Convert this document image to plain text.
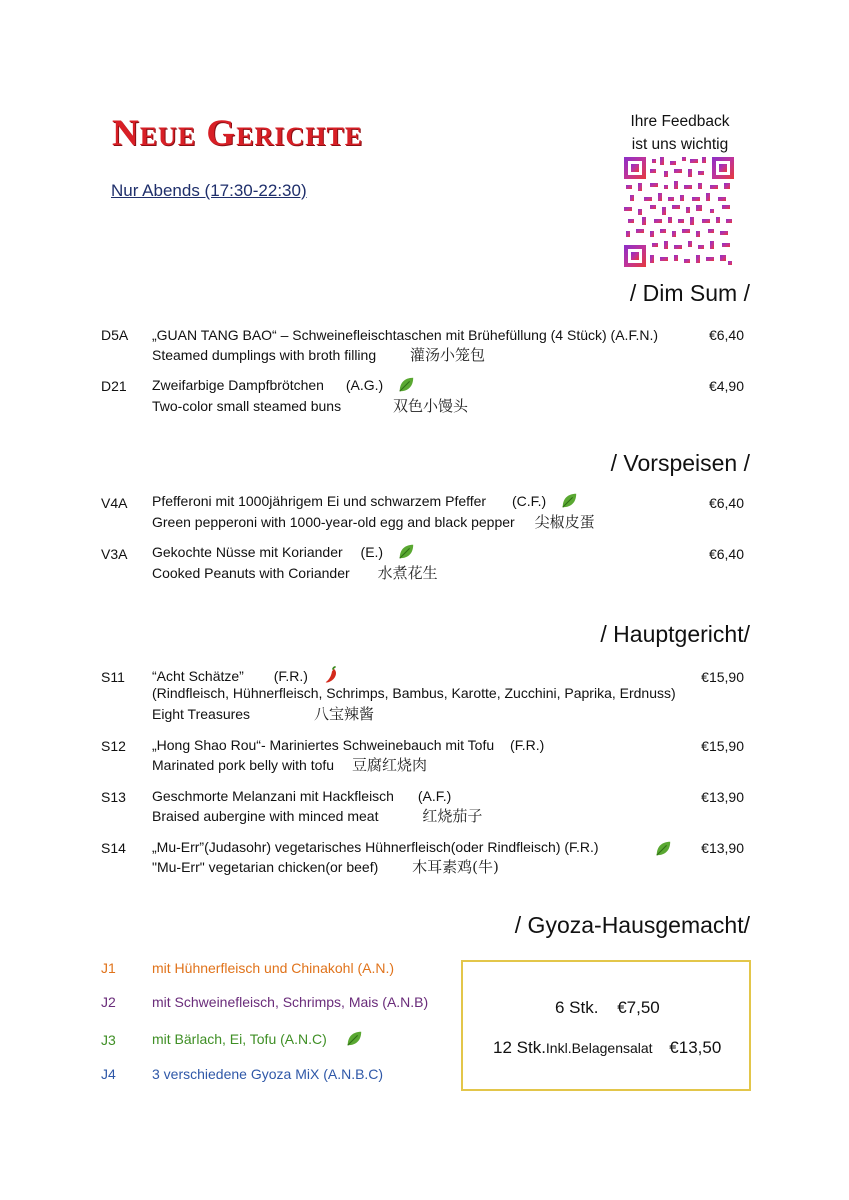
Neue Gerichte
Nur Abends (17:30-22:30)
Ihre Feedback
ist uns wichtig
/ Dim Sum /
D5A „GUAN TANG BAO“ – Schweinefleischtaschen mit Brühefüllung (4 Stück) (A.F.N.)
Steamed dumplings with broth filling 灌汤小笼包
€6,40
D21 Zweifarbige Dampfbrötchen (A.G.)
Two-color small steamed buns	双色小馒头
€4,90
/ Vorspeisen /
V4A Pfefferoni mit 1000jährigem Ei und schwarzem Pfeffer (C.F.)
Green pepperoni with 1000-year-old egg and black pepper 尖椒皮蛋
€6,40
V3A Gekochte Nüsse mit Koriander (E.)
Cooked Peanuts with Coriander 水煮花生
€6,40
/ Hauptgericht/
S11 “Acht Schätze” (F.R.)
(Rindfleisch, Hühnerfleisch, Schrimps, Bambus, Karotte, Zucchini, Paprika, Erdnuss)
Eight Treasures	八宝辣酱
€15,90
S12 „Hong Shao Rou“- Mariniertes Schweinebauch mit Tofu (F.R.)
Marinated pork belly with tofu 豆腐红烧肉
€15,90
S13 Geschmorte Melanzani mit Hackfleisch (A.F.)
Braised aubergine with minced meat	红烧茄子
€13,90
S14 „Mu-Err”(Judasohr) vegetarisches Hühnerfleisch(oder Rindfleisch) (F.R.)
"Mu-Err" vegetarian chicken(or beef) 木耳素鸡(牛)
€13,90
/ Gyoza-Hausgemacht/
J1	mit Hühnerfleisch und Chinakohl (A.N.)
J2	mit Schweinefleisch, Schrimps, Mais (A.N.B)
J3	mit Bärlach, Ei, Tofu (A.N.C)
J4	3 verschiedene Gyoza MiX (A.N.B.C)
6 Stk. €7,50
12 Stk.Inkl.Belagensalat €13,50
